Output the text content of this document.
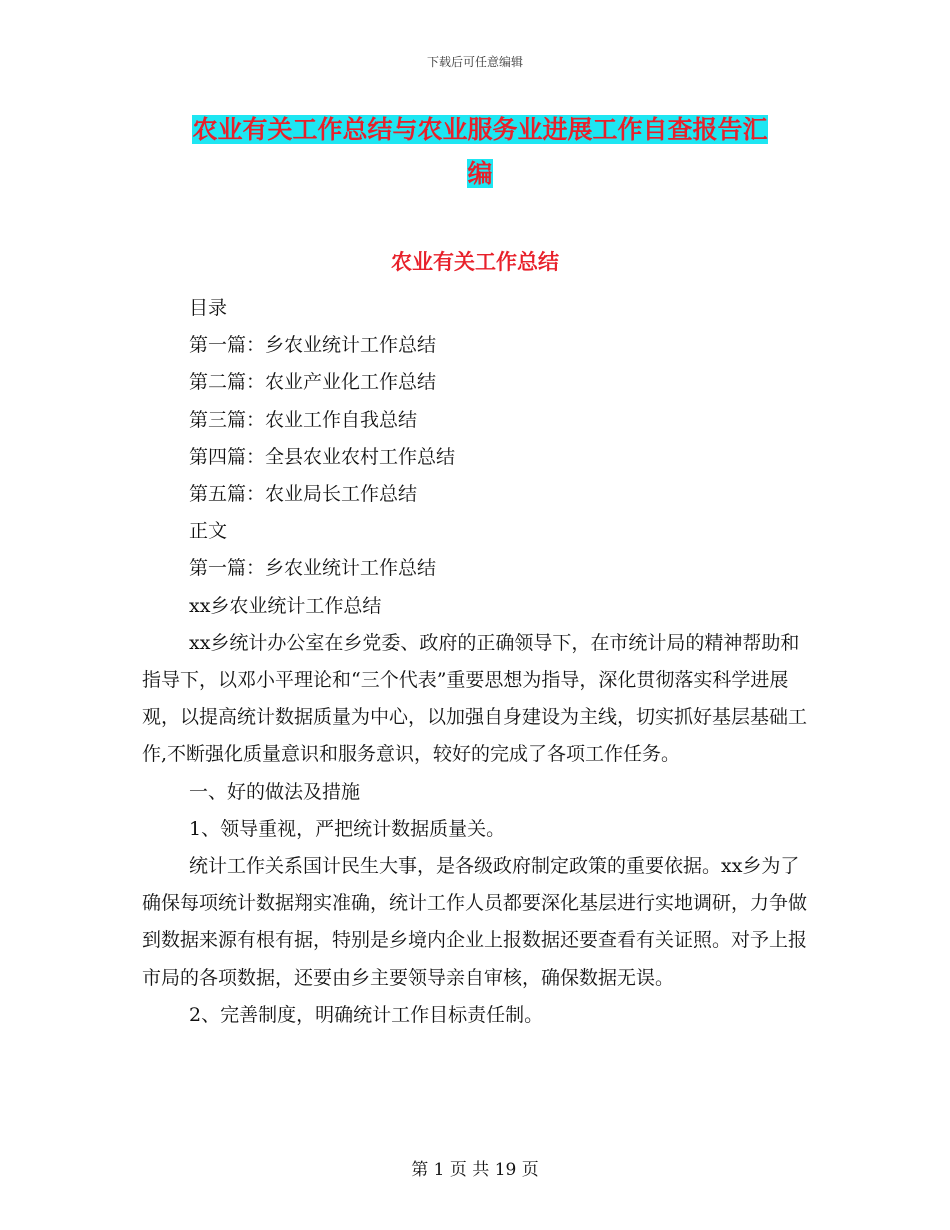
下载后可任意编辑
农业有关工作总结与农业服务业进展工作自查报告汇
编
农业有关工作总结

目录

第一篇：乡农业统计工作总结

第二篇：农业产业化工作总结

第三篇：农业工作自我总结

第四篇：全县农业农村工作总结

第五篇：农业局长工作总结

正文

第一篇：乡农业统计工作总结

xx乡农业统计工作总结

xx乡统计办公室在乡党委、政府的正确领导下，在市统计局的精神帮助和指导下，以邓小平理论和“三个代表”重要思想为指导，深化贯彻落实科学进展观，以提高统计数据质量为中心，以加强自身建设为主线，切实抓好基层基础工作,不断强化质量意识和服务意识，较好的完成了各项工作任务。

一、好的做法及措施

1、领导重视，严把统计数据质量关。

统计工作关系国计民生大事，是各级政府制定政策的重要依据。xx乡为了确保每项统计数据翔实准确，统计工作人员都要深化基层进行实地调研，力争做到数据来源有根有据，特别是乡境内企业上报数据还要查看有关证照。对予上报市局的各项数据，还要由乡主要领导亲自审核，确保数据无误。

2、完善制度，明确统计工作目标责任制。

第 1 页 共 19 页
